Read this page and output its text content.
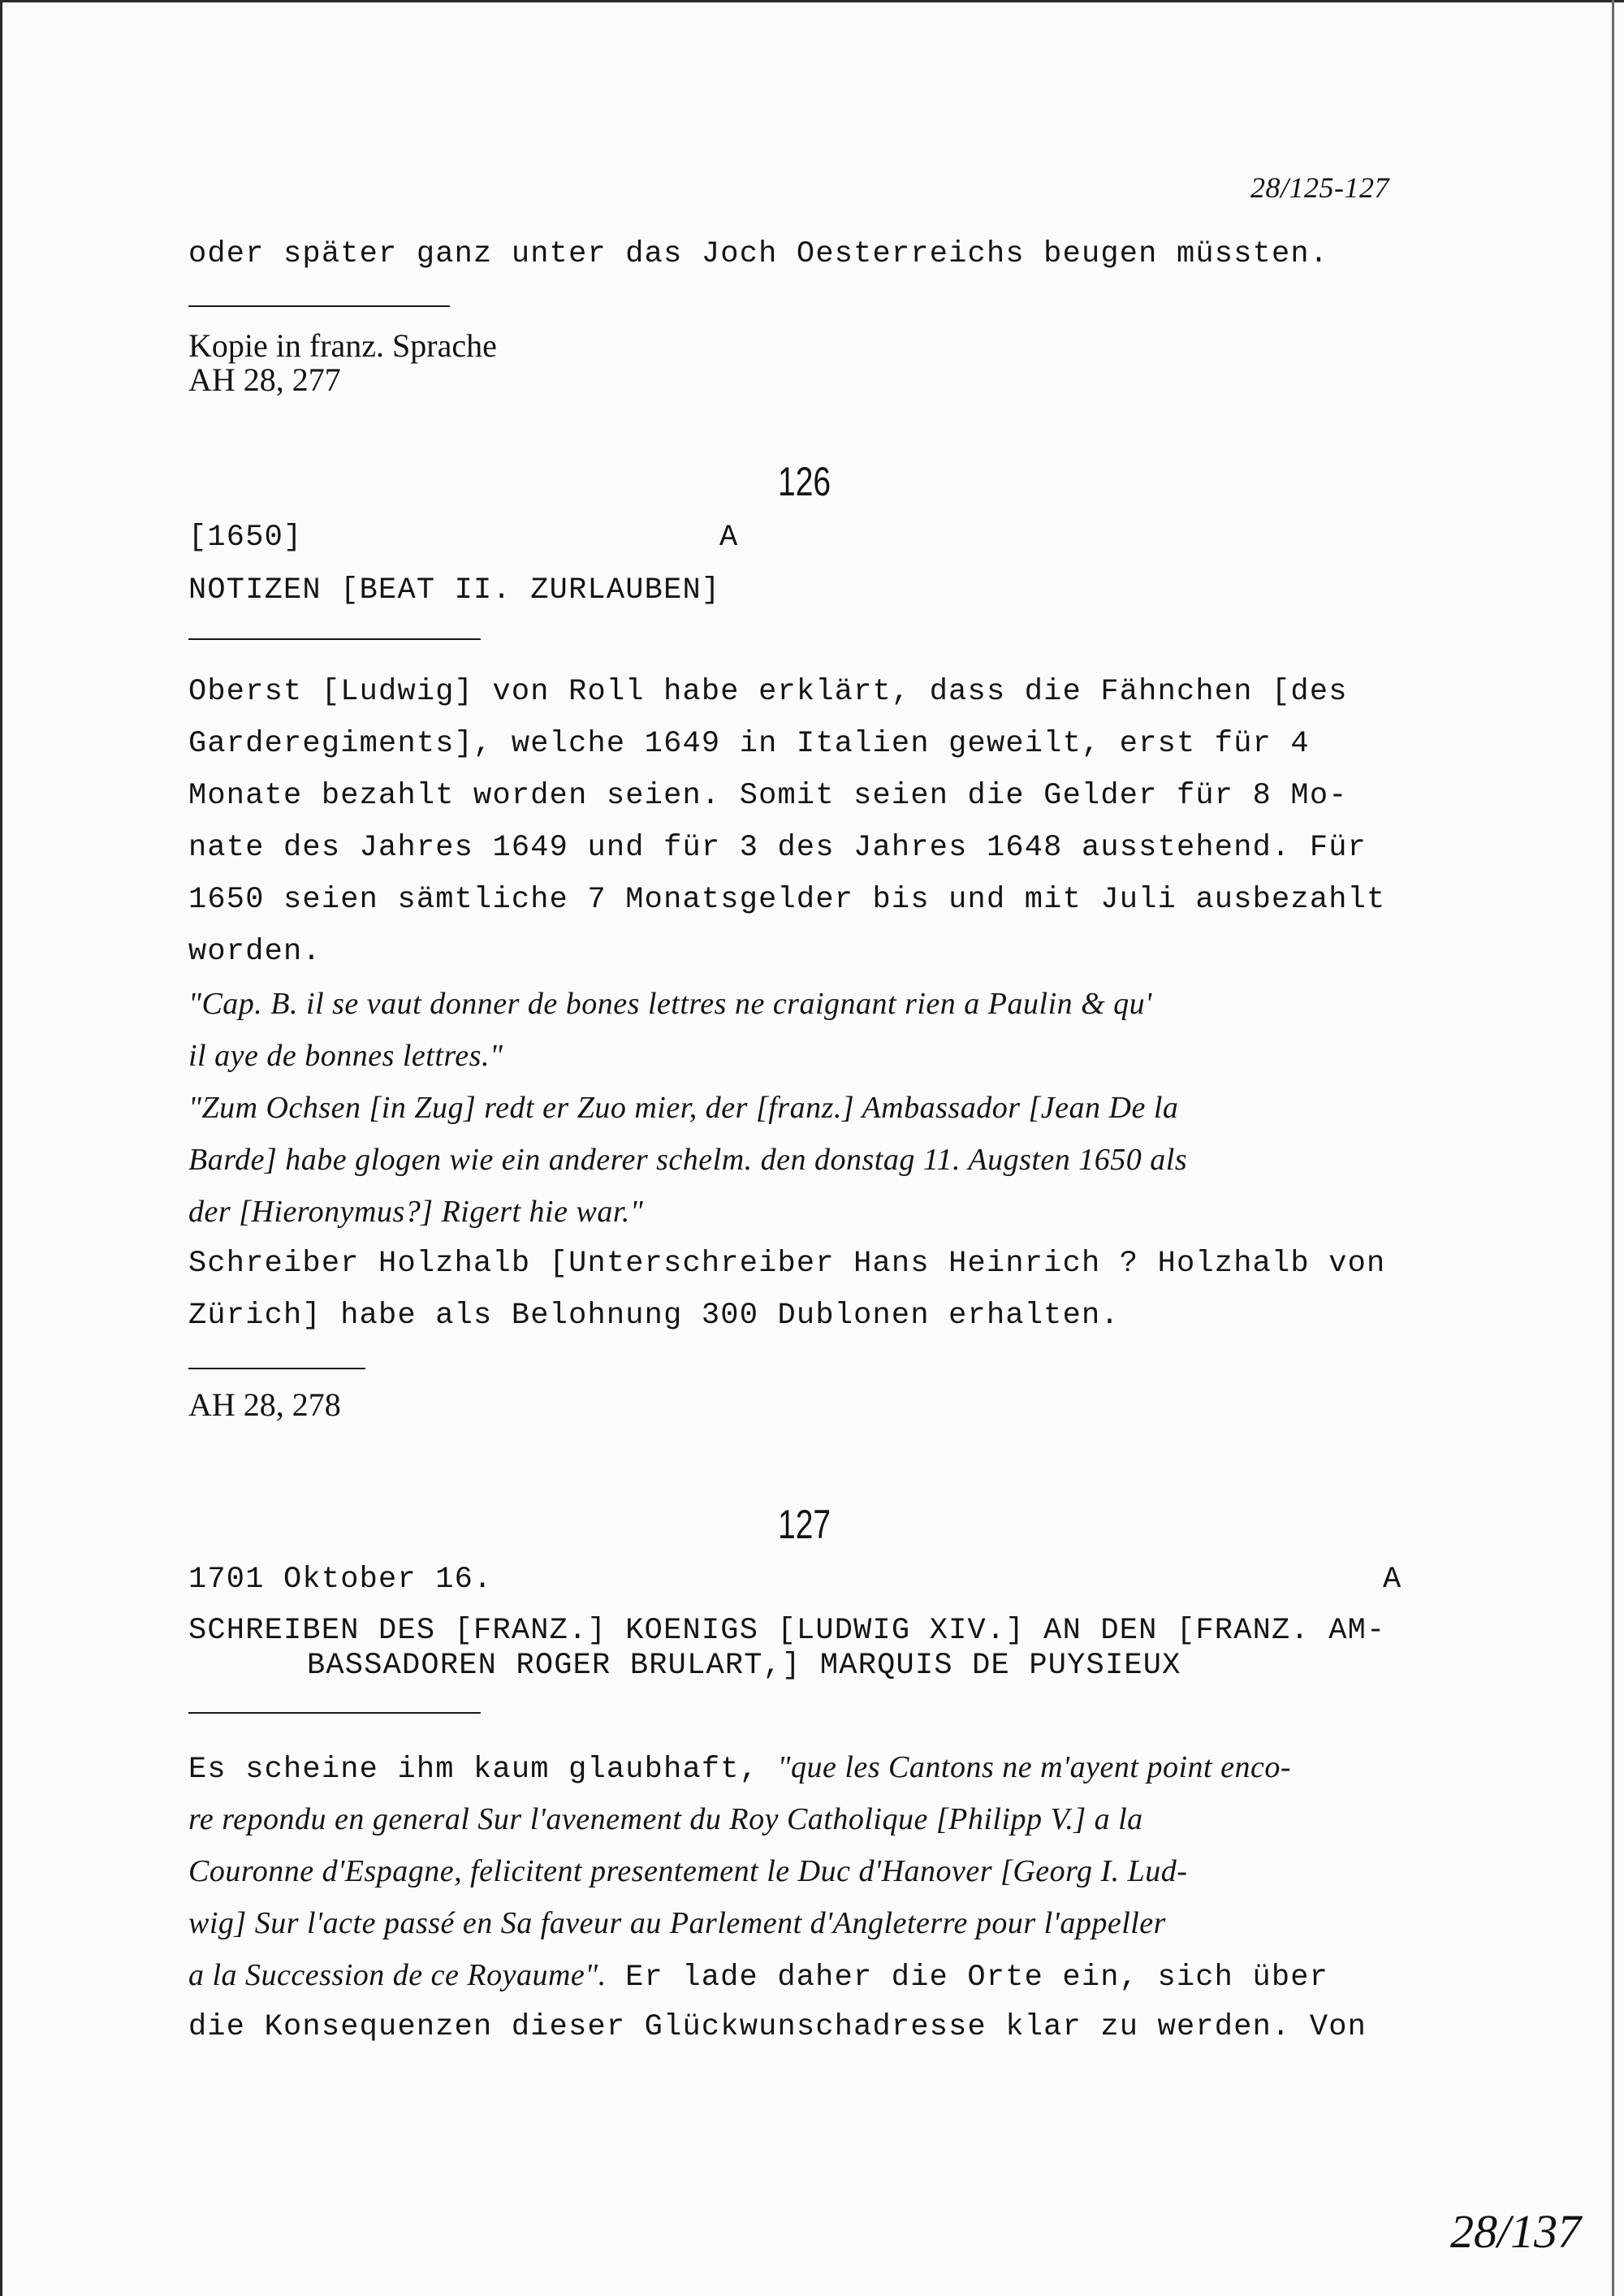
28/125-127
oder später ganz unter das Joch Oesterreichs beugen müssten.
Kopie in franz. Sprache
AH 28, 277
126
[1650]	A
NOTIZEN [BEAT II. ZURLAUBEN]
Oberst [Ludwig] von Roll habe erklärt, dass die Fähnchen [des
Garderegiments], welche 1649 in Italien geweilt, erst für 4
Monate bezahlt worden seien. Somit seien die Gelder für 8 Mo-
nate des Jahres 1649 und für 3 des Jahres 1648 ausstehend. Für
1650 seien sämtliche 7 Monatsgelder bis und mit Juli ausbezahlt
worden.
"Cap. B. il se vaut donner de bones lettres ne craignant rien a Paulin & qu'
il aye de bonnes lettres."
"Zum Ochsen [in Zug] redt er Zuo mier, der [franz.] Ambassador [Jean De la
Barde] habe glogen wie ein anderer schelm. den donstag 11. Augsten 1650 als
der [Hieronymus?] Rigert hie war."
Schreiber Holzhalb [Unterschreiber Hans Heinrich ? Holzhalb von
Zürich] habe als Belohnung 300 Dublonen erhalten.
AH 28, 278
127
1701 Oktober 16.	A
SCHREIBEN DES [FRANZ.] KOENIGS [LUDWIG XIV.] AN DEN [FRANZ. AM-
BASSADOREN ROGER BRULART,] MARQUIS DE PUYSIEUX
Es scheine ihm kaum glaubhaft, "que les Cantons ne m'ayent point enco-
re repondu en general Sur l'avenement du Roy Catholique [Philipp V.] a la
Couronne d'Espagne, felicitent presentement le Duc d'Hanover [Georg I. Lud-
wig] Sur l'acte passé en Sa faveur au Parlement d'Angleterre pour l'appeller
a la Succession de ce Royaume". Er lade daher die Orte ein, sich über
die Konsequenzen dieser Glückwunschadresse klar zu werden. Von
28/137
